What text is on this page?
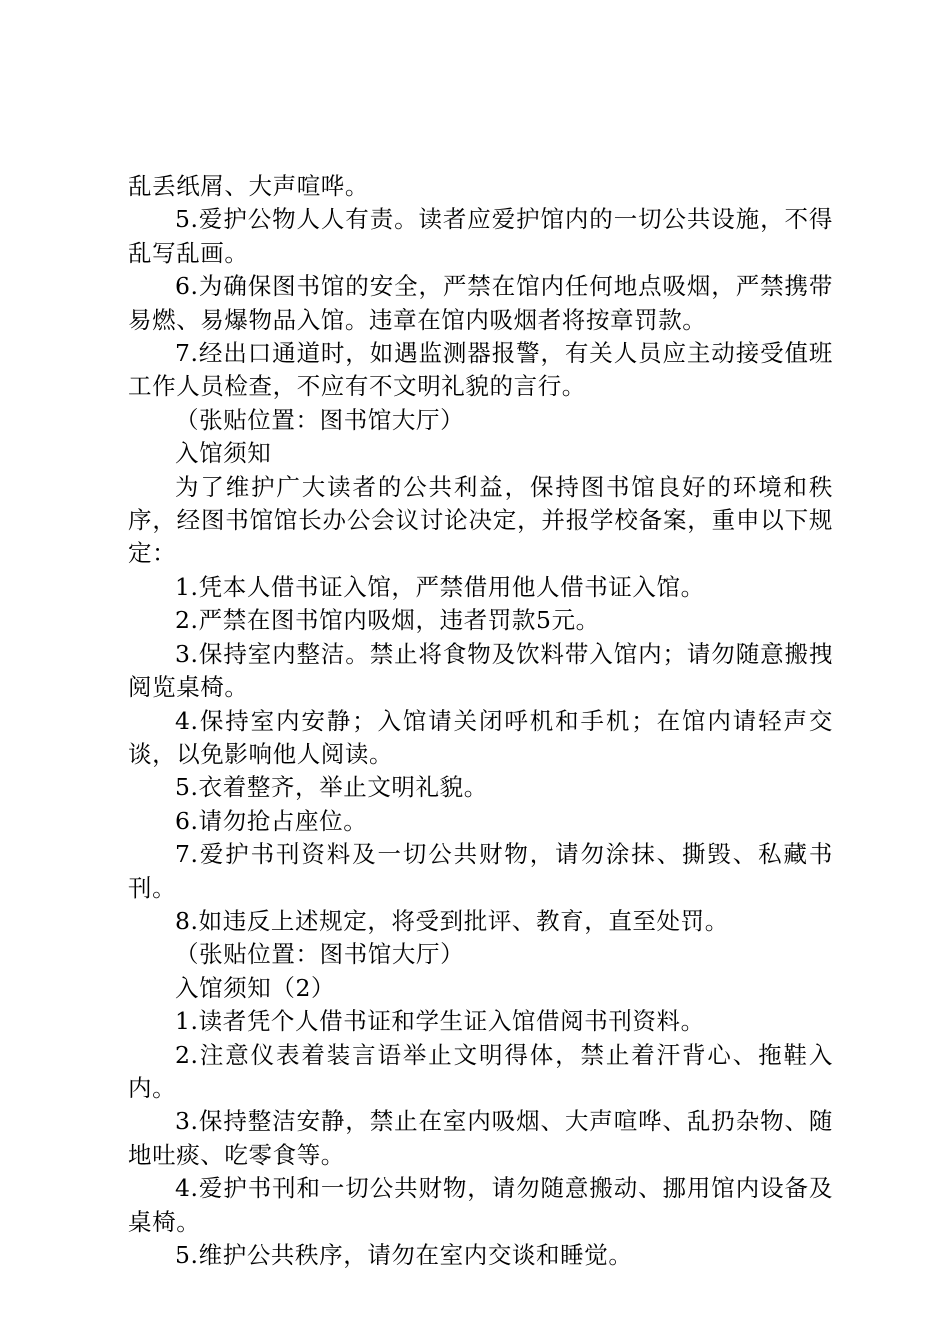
乱丢纸屑、大声喧哗。

5.爱护公物人人有责。读者应爱护馆内的一切公共设施，不得乱写乱画。

6.为确保图书馆的安全，严禁在馆内任何地点吸烟，严禁携带易燃、易爆物品入馆。违章在馆内吸烟者将按章罚款。

7.经出口通道时，如遇监测器报警，有关人员应主动接受值班工作人员检查，不应有不文明礼貌的言行。

（张贴位置：图书馆大厅）

入馆须知

为了维护广大读者的公共利益，保持图书馆良好的环境和秩序，经图书馆馆长办公会议讨论决定，并报学校备案，重申以下规定：

1.凭本人借书证入馆，严禁借用他人借书证入馆。

2.严禁在图书馆内吸烟，违者罚款5元。

3.保持室内整洁。禁止将食物及饮料带入馆内；请勿随意搬拽阅览桌椅。

4.保持室内安静；入馆请关闭呼机和手机；在馆内请轻声交谈，以免影响他人阅读。

5.衣着整齐，举止文明礼貌。

6.请勿抢占座位。

7.爱护书刊资料及一切公共财物，请勿涂抹、撕毁、私藏书刊。

8.如违反上述规定，将受到批评、教育，直至处罚。

（张贴位置：图书馆大厅）

入馆须知（2）

1.读者凭个人借书证和学生证入馆借阅书刊资料。

2.注意仪表着装言语举止文明得体，禁止着汗背心、拖鞋入内。

3.保持整洁安静，禁止在室内吸烟、大声喧哗、乱扔杂物、随地吐痰、吃零食等。

4.爱护书刊和一切公共财物，请勿随意搬动、挪用馆内设备及桌椅。

5.维护公共秩序，请勿在室内交谈和睡觉。
